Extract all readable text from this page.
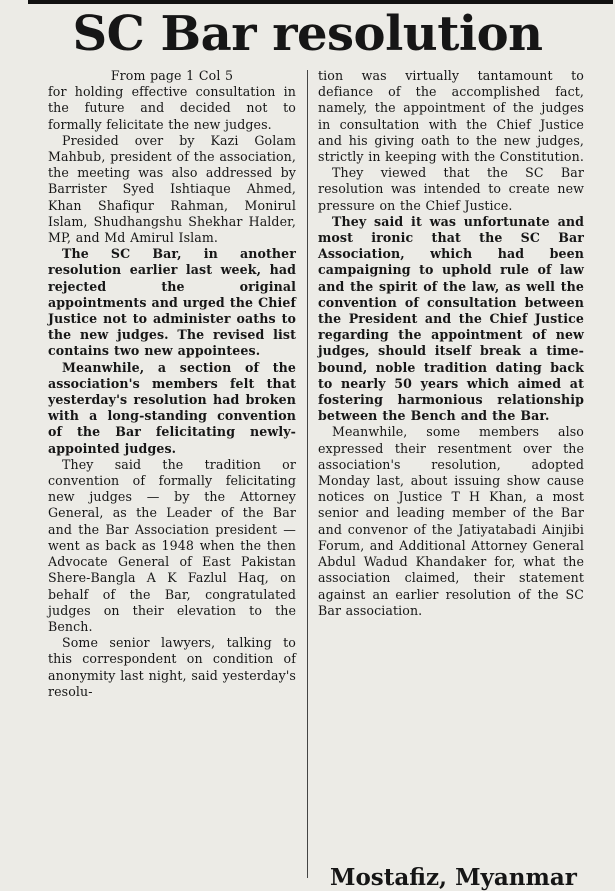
SC Bar resolution

From page 1 Col 5

for holding effective consultation in the future and decided not to formally felicitate the new judges.

Presided over by Kazi Golam Mahbub, president of the association, the meeting was also addressed by Barrister Syed Ishtiaque Ahmed, Khan Shafiqur Rahman, Monirul Islam, Shudhangshu Shekhar Halder, MP, and Md Amirul Islam.

The SC Bar, in another resolution earlier last week, had rejected the original appointments and urged the Chief Justice not to administer oaths to the new judges. The revised list contains two new appointees.

Meanwhile, a section of the association's members felt that yesterday's resolution had broken with a long-standing convention of the Bar felicitating newly-appointed judges.

They said the tradition or convention of formally felicitating new judges — by the Attorney General, as the Leader of the Bar and the Bar Association president — went as back as 1948 when the then Advocate General of East Pakistan Shere-Bangla A K Fazlul Haq, on behalf of the Bar, congratulated judges on their elevation to the Bench.

Some senior lawyers, talking to this correspondent on condition of anonymity last night, said yesterday's resolu-

tion was virtually tantamount to defiance of the accomplished fact, namely, the appointment of the judges in consultation with the Chief Justice and his giving oath to the new judges, strictly in keeping with the Constitution.

They viewed that the SC Bar resolution was intended to create new pressure on the Chief Justice.

They said it was unfortunate and most ironic that the SC Bar Association, which had been campaigning to uphold rule of law and the spirit of the law, as well the convention of consultation between the President and the Chief Justice regarding the appointment of new judges, should itself break a time-bound, noble tradition dating back to nearly 50 years which aimed at fostering harmonious relationship between the Bench and the Bar.

Meanwhile, some members also expressed their resentment over the association's resolution, adopted Monday last, about issuing show cause notices on Justice T H Khan, a most senior and leading member of the Bar and convenor of the Jatiyatabadi Ainjibi Forum, and Additional Attorney General Abdul Wadud Khandaker for, what the association claimed, their statement against an earlier resolution of the SC Bar association.

Mostafiz, Myanmar
